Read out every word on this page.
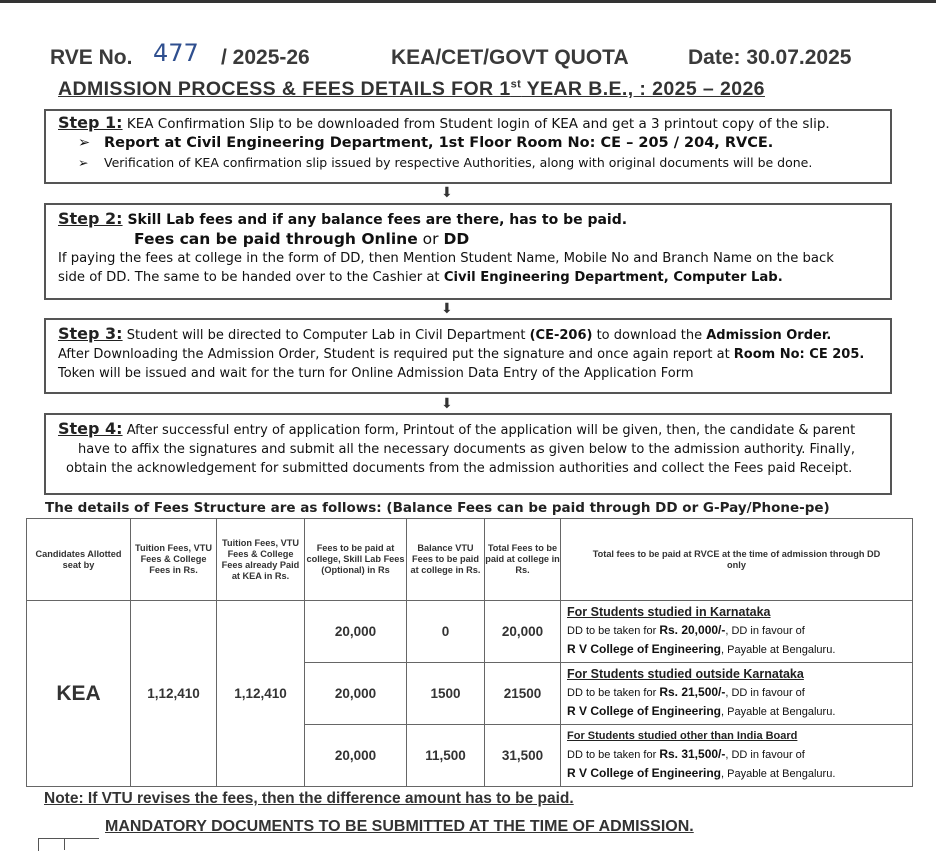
RVE No. 477 / 2025-26	KEA/CET/GOVT QUOTA	Date: 30.07.2025
ADMISSION PROCESS & FEES DETAILS FOR 1st YEAR B.E., : 2025 – 2026
Step 1: KEA Confirmation Slip to be downloaded from Student login of KEA and get a 3 printout copy of the slip.
➢ Report at Civil Engineering Department, 1st Floor Room No: CE – 205 / 204, RVCE.
➢ Verification of KEA confirmation slip issued by respective Authorities, along with original documents will be done.
⬇
Step 2: Skill Lab fees and if any balance fees are there, has to be paid.
Fees can be paid through Online or DD
If paying the fees at college in the form of DD, then Mention Student Name, Mobile No and Branch Name on the back
side of DD. The same to be handed over to the Cashier at Civil Engineering Department, Computer Lab.
⬇
Step 3: Student will be directed to Computer Lab in Civil Department (CE-206) to download the Admission Order.
After Downloading the Admission Order, Student is required put the signature and once again report at Room No: CE 205.
Token will be issued and wait for the turn for Online Admission Data Entry of the Application Form
⬇
Step 4: After successful entry of application form, Printout of the application will be given, then, the candidate & parent
have to affix the signatures and submit all the necessary documents as given below to the admission authority. Finally,
obtain the acknowledgement for submitted documents from the admission authorities and collect the Fees paid Receipt.
The details of Fees Structure are as follows: (Balance Fees can be paid through DD or G-Pay/Phone-pe)
Candidates Allotted seat by	Tuition Fees, VTU Fees & College Fees in Rs.	Tuition Fees, VTU Fees & College Fees already Paid at KEA in Rs.	Fees to be paid at college, Skill Lab Fees (Optional) in Rs	Balance VTU Fees to be paid at college in Rs.	Total Fees to be paid at college in Rs.	Total fees to be paid at RVCE at the time of admission through DD only
KEA	1,12,410	1,12,410	20,000	0	20,000	For Students studied in Karnataka
DD to be taken for Rs. 20,000/-, DD in favour of
R V College of Engineering, Payable at Bengaluru.

			20,000	1500	21500	For Students studied outside Karnataka
DD to be taken for Rs. 21,500/-, DD in favour of
R V College of Engineering, Payable at Bengaluru.

			20,000	11,500	31,500	For Students studied other than India Board
DD to be taken for Rs. 31,500/-, DD in favour of
R V College of Engineering, Payable at Bengaluru.
Note: If VTU revises the fees, then the difference amount has to be paid.
MANDATORY DOCUMENTS TO BE SUBMITTED AT THE TIME OF ADMISSION.
